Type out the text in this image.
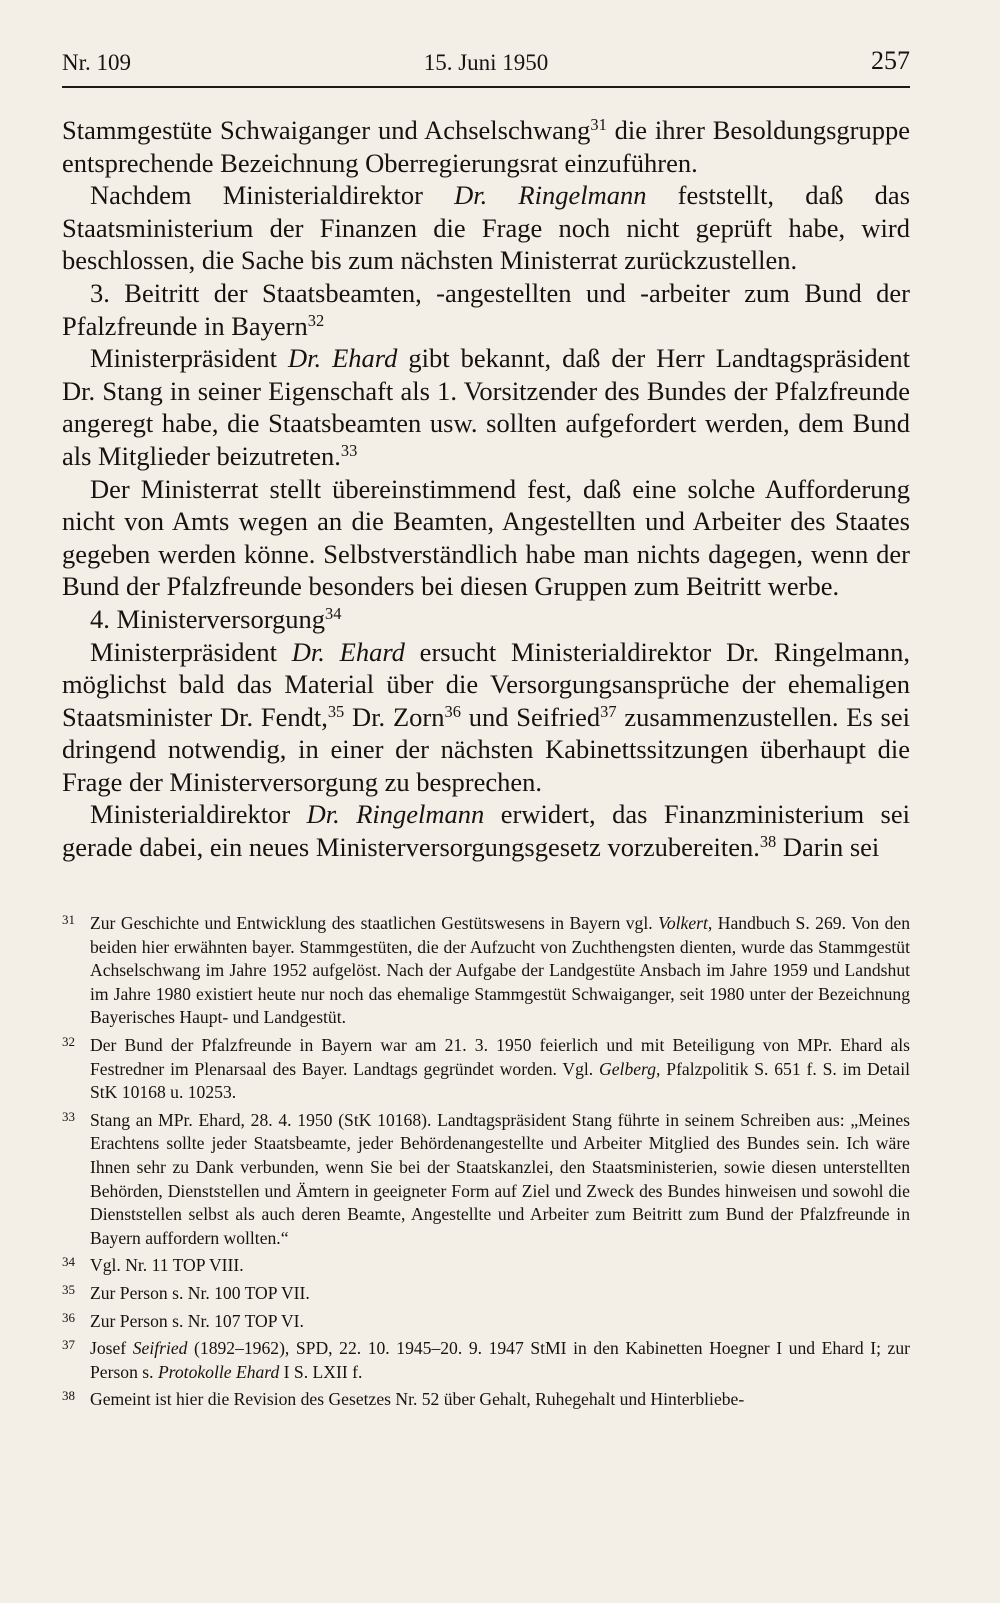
Nr. 109	15. Juni 1950	257

Stammgestüte Schwaiganger und Achselschwang$^{31}$ die ihrer Besoldungsgruppe entsprechende Bezeichnung Oberregierungsrat einzuführen.

Nachdem Ministerialdirektor Dr. Ringelmann feststellt, daß das Staatsministerium der Finanzen die Frage noch nicht geprüft habe, wird beschlossen, die Sache bis zum nächsten Ministerrat zurückzustellen.

3. Beitritt der Staatsbeamten, -angestellten und -arbeiter zum Bund der Pfalzfreunde in Bayern$^{32}$

Ministerpräsident Dr. Ehard gibt bekannt, daß der Herr Landtagspräsident Dr. Stang in seiner Eigenschaft als 1. Vorsitzender des Bundes der Pfalzfreunde angeregt habe, die Staatsbeamten usw. sollten aufgefordert werden, dem Bund als Mitglieder beizutreten.$^{33}$

Der Ministerrat stellt übereinstimmend fest, daß eine solche Aufforderung nicht von Amts wegen an die Beamten, Angestellten und Arbeiter des Staates gegeben werden könne. Selbstverständlich habe man nichts dagegen, wenn der Bund der Pfalzfreunde besonders bei diesen Gruppen zum Beitritt werbe.

4. Ministerversorgung$^{34}$

Ministerpräsident Dr. Ehard ersucht Ministerialdirektor Dr. Ringelmann, möglichst bald das Material über die Versorgungsansprüche der ehemaligen Staatsminister Dr. Fendt,$^{35}$ Dr. Zorn$^{36}$ und Seifried$^{37}$ zusammenzustellen. Es sei dringend notwendig, in einer der nächsten Kabinettssitzungen überhaupt die Frage der Ministerversorgung zu besprechen.

Ministerialdirektor Dr. Ringelmann erwidert, das Finanzministerium sei gerade dabei, ein neues Ministerversorgungsgesetz vorzubereiten.$^{38}$ Darin sei

31 Zur Geschichte und Entwicklung des staatlichen Gestütswesens in Bayern vgl. Volkert, Handbuch S. 269. Von den beiden hier erwähnten bayer. Stammgestüten, die der Aufzucht von Zuchthengsten dienten, wurde das Stammgestüt Achselschwang im Jahre 1952 aufgelöst. Nach der Aufgabe der Landgestüte Ansbach im Jahre 1959 und Landshut im Jahre 1980 existiert heute nur noch das ehemalige Stammgestüt Schwaiganger, seit 1980 unter der Bezeichnung Bayerisches Haupt- und Landgestüt.
32 Der Bund der Pfalzfreunde in Bayern war am 21. 3. 1950 feierlich und mit Beteiligung von MPr. Ehard als Festredner im Plenarsaal des Bayer. Landtags gegründet worden. Vgl. Gelberg, Pfalzpolitik S. 651 f. S. im Detail StK 10168 u. 10253.
33 Stang an MPr. Ehard, 28. 4. 1950 (StK 10168). Landtagspräsident Stang führte in seinem Schreiben aus: „Meines Erachtens sollte jeder Staatsbeamte, jeder Behördenangestellte und Arbeiter Mitglied des Bundes sein. Ich wäre Ihnen sehr zu Dank verbunden, wenn Sie bei der Staatskanzlei, den Staatsministerien, sowie diesen unterstellten Behörden, Dienststellen und Ämtern in geeigneter Form auf Ziel und Zweck des Bundes hinweisen und sowohl die Dienststellen selbst als auch deren Beamte, Angestellte und Arbeiter zum Beitritt zum Bund der Pfalzfreunde in Bayern auffordern wollten.“
34 Vgl. Nr. 11 TOP VIII.
35 Zur Person s. Nr. 100 TOP VII.
36 Zur Person s. Nr. 107 TOP VI.
37 Josef Seifried (1892–1962), SPD, 22. 10. 1945–20. 9. 1947 StMI in den Kabinetten Hoegner I und Ehard I; zur Person s. Protokolle Ehard I S. LXII f.
38 Gemeint ist hier die Revision des Gesetzes Nr. 52 über Gehalt, Ruhegehalt und Hinterbliebe-
